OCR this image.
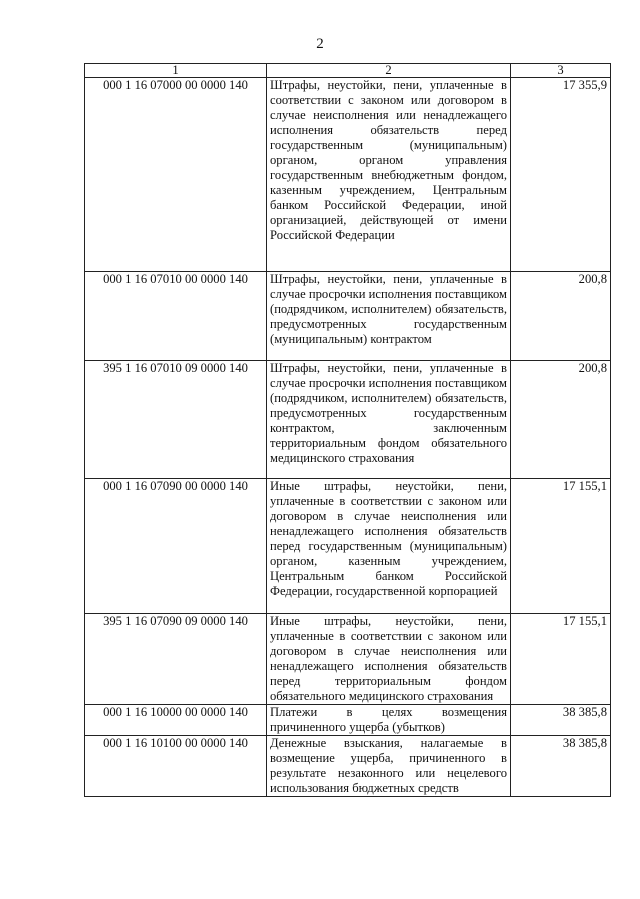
2
1	2	3
000 1 16 07000 00 0000 140	Штрафы, неустойки, пени, уплаченные в соответствии с законом или договором в случае неисполнения или ненадлежащего исполнения обязательств перед государственным (муниципальным) органом, органом управления государственным внебюджетным фондом, казенным учреждением, Центральным банком Российской Федерации, иной организацией, действующей от имени Российской Федерации	17 355,9
000 1 16 07010 00 0000 140	Штрафы, неустойки, пени, уплаченные в случае просрочки исполнения поставщиком (подрядчиком, исполнителем) обязательств, предусмотренных государственным (муниципальным) контрактом	200,8
395 1 16 07010 09 0000 140	Штрафы, неустойки, пени, уплаченные в случае просрочки исполнения поставщиком (подрядчиком, исполнителем) обязательств, предусмотренных государственным контрактом, заключенным территориальным фондом обязательного медицинского страхования	200,8
000 1 16 07090 00 0000 140	Иные штрафы, неустойки, пени, уплаченные в соответствии с законом или договором в случае неисполнения или ненадлежащего исполнения обязательств перед государственным (муниципальным) органом, казенным учреждением, Центральным банком Российской Федерации, государственной корпорацией	17 155,1
395 1 16 07090 09 0000 140	Иные штрафы, неустойки, пени, уплаченные в соответствии с законом или договором в случае неисполнения или ненадлежащего исполнения обязательств перед территориальным фондом обязательного медицинского страхования	17 155,1
000 1 16 10000 00 0000 140	Платежи в целях возмещения причиненного ущерба (убытков)	38 385,8
000 1 16 10100 00 0000 140	Денежные взыскания, налагаемые в возмещение ущерба, причиненного в результате незаконного или нецелевого использования бюджетных средств	38 385,8
